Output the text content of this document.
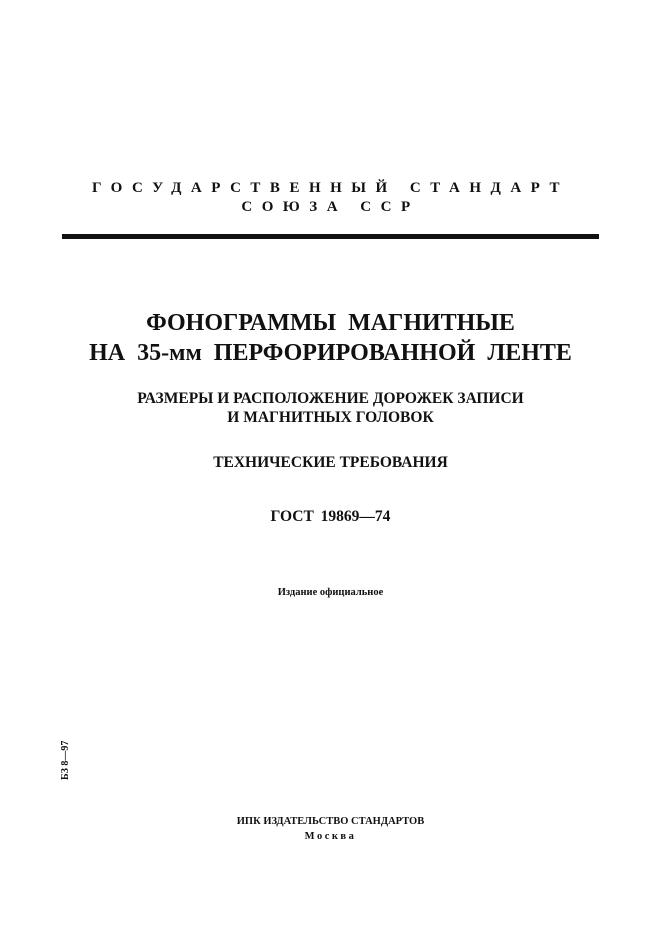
ГОСУДАРСТВЕННЫЙ СТАНДАРТ
СОЮЗА ССР
ФОНОГРАММЫ МАГНИТНЫЕ
НА 35-мм ПЕРФОРИРОВАННОЙ ЛЕНТЕ
РАЗМЕРЫ И РАСПОЛОЖЕНИЕ ДОРОЖЕК ЗАПИСИ
И МАГНИТНЫХ ГОЛОВОК
ТЕХНИЧЕСКИЕ ТРЕБОВАНИЯ
ГОСТ 19869—74
Издание официальное
БЗ 8—97
ИПК ИЗДАТЕЛЬСТВО СТАНДАРТОВ
Москва
